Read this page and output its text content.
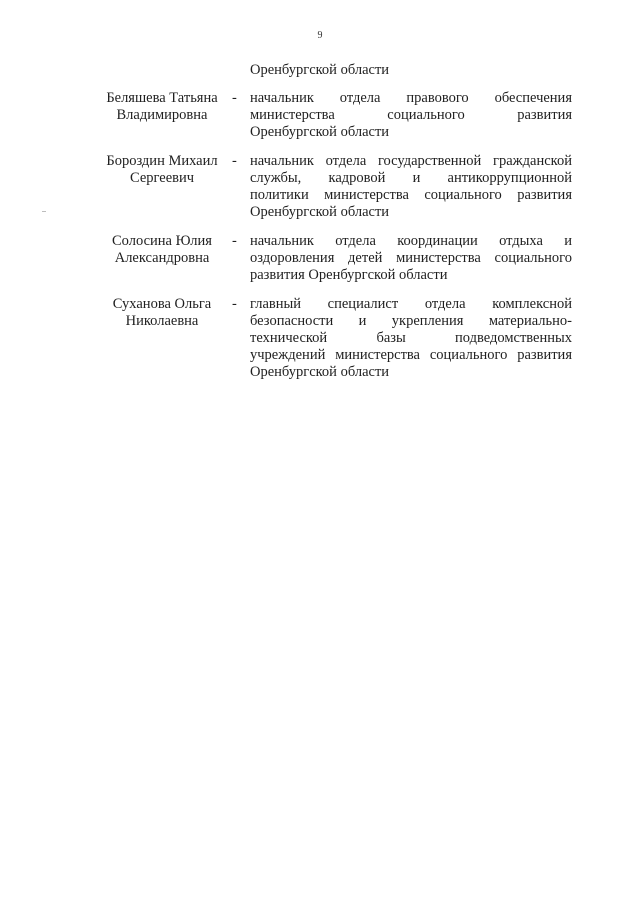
9
Оренбургской области
Беляшева Татьяна
Владимировна
- начальник отдела правового обеспечения
министерства социального развития
Оренбургской области
Бороздин Михаил
Сергеевич
- начальник отдела государственной гражданской
службы, кадровой и антикоррупционной
политики министерства социального развития
Оренбургской области
Солосина Юлия
Александровна
- начальник отдела координации отдыха и
оздоровления детей министерства социального
развития Оренбургской области
Суханова Ольга
Николаевна
- главный специалист отдела комплексной
безопасности и укрепления материально-
технической базы подведомственных
учреждений министерства социального развития
Оренбургской области
